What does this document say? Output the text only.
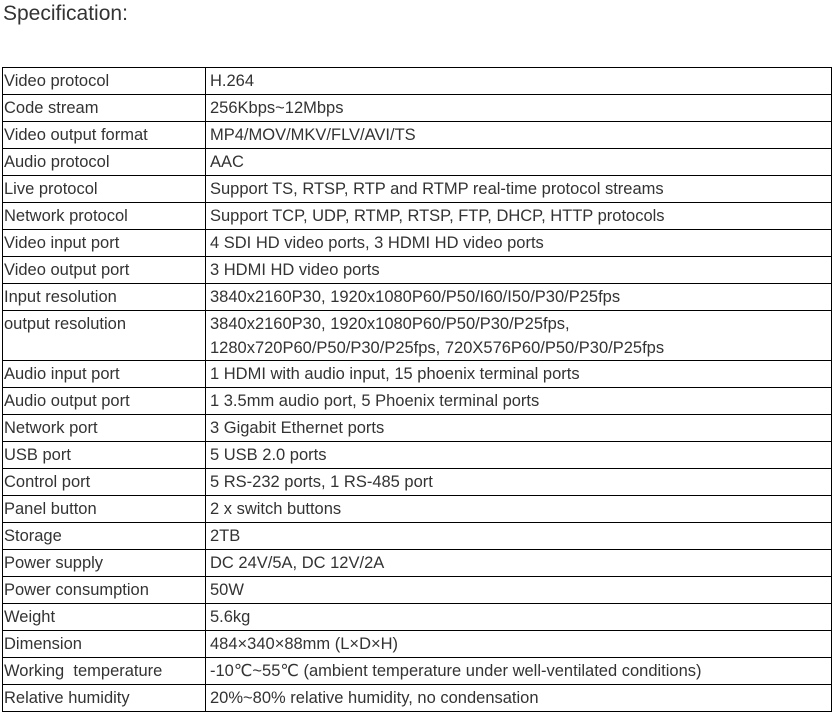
Specification:
Video protocol	H.264
Code stream	256Kbps~12Mbps
Video output format	MP4/MOV/MKV/FLV/AVI/TS
Audio protocol	AAC
Live protocol	Support TS, RTSP, RTP and RTMP real-time protocol streams
Network protocol	Support TCP, UDP, RTMP, RTSP, FTP, DHCP, HTTP protocols
Video input port	4 SDI HD video ports, 3 HDMI HD video ports
Video output port	3 HDMI HD video ports
Input resolution	3840x2160P30, 1920x1080P60/P50/I60/I50/P30/P25fps
output resolution	3840x2160P30, 1920x1080P60/P50/P30/P25fps,
1280x720P60/P50/P30/P25fps, 720X576P60/P50/P30/P25fps
Audio input port	1 HDMI with audio input, 15 phoenix terminal ports
Audio output port	1 3.5mm audio port, 5 Phoenix terminal ports
Network port	3 Gigabit Ethernet ports
USB port	5 USB 2.0 ports
Control port	5 RS-232 ports, 1 RS-485 port
Panel button	2 x switch buttons
Storage	2TB
Power supply	DC 24V/5A, DC 12V/2A
Power consumption	50W
Weight	5.6kg
Dimension	484×340×88mm (L×D×H)
Working  temperature	-10℃~55℃ (ambient temperature under well-ventilated conditions)
Relative humidity	20%~80% relative humidity, no condensation
